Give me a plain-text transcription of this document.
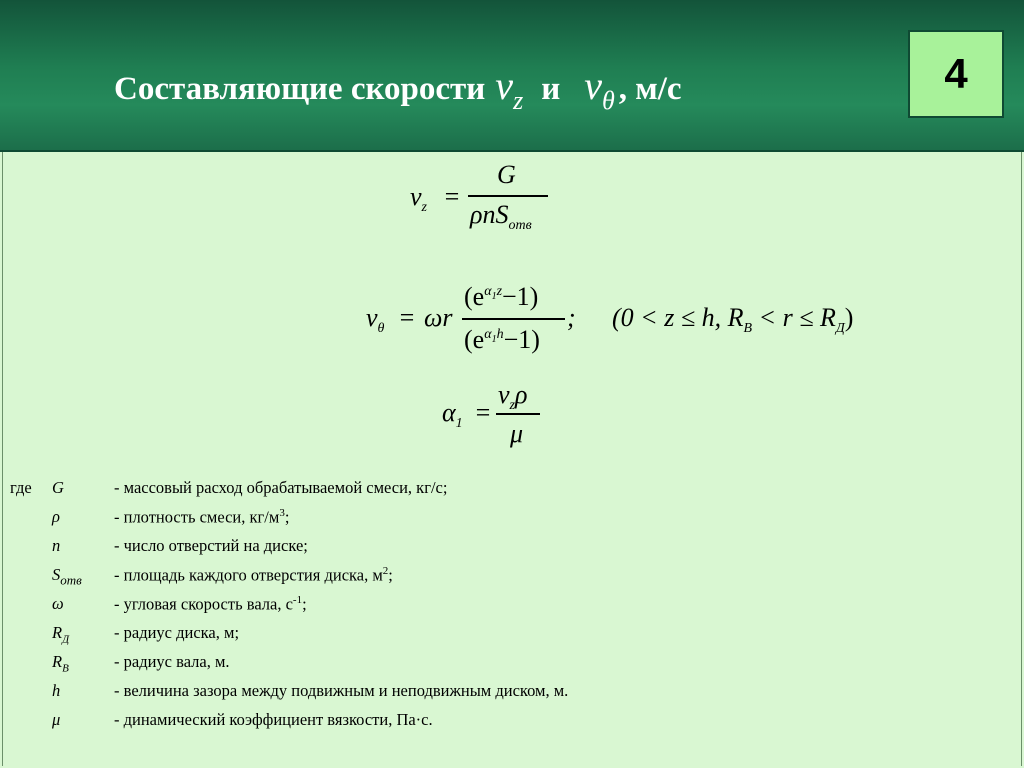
Составляющие скорости v z и v θ , м/с	4
$v_z$ =
G
ρnS$_{отв}$
$v_\theta = \omega r$
$(e^{\alpha_1z}-1)$
$(e^{\alpha_1h}-1)$
; (0 < z ≤ h, $R_B < r \le R_Д$)
$\alpha_1$ =
$v_z\rho$
μ
где	G	- массовый расход обрабатываемой смеси, кг/с;
ρ	- плотность смеси, $кг/м^3$;
n	- число отверстий на диске;
$S_{отв}$	- площадь каждого отверстия диска, $м^2$;
ω	- угловая скорость вала, $с^{-1}$;
$R_Д$	- радиус диска, м;
$R_В$	- радиус вала, м.
h	- величина зазора между подвижным и неподвижным диском, м.
μ	- динамический коэффициент вязкости, Па·с.
